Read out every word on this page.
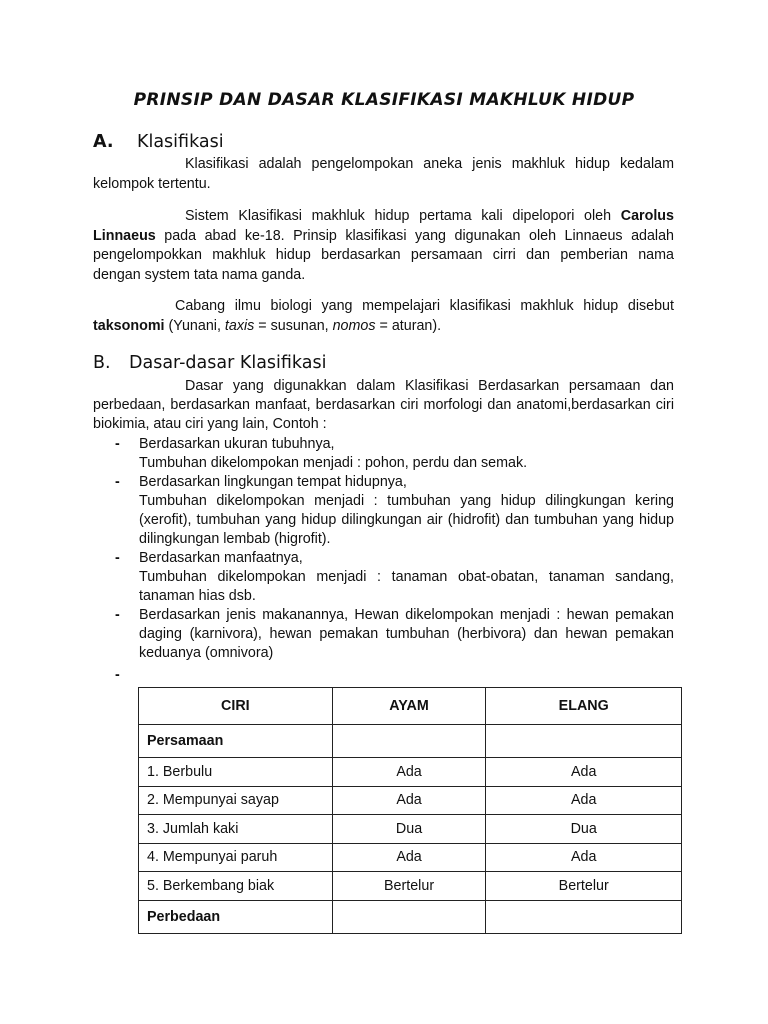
PRINSIP DAN DASAR KLASIFIKASI MAKHLUK HIDUP
A. Klasifikasi
Klasifikasi adalah pengelompokan aneka jenis makhluk hidup kedalam kelompok tertentu.
Sistem Klasifikasi makhluk hidup pertama kali dipelopori oleh Carolus Linnaeus pada abad ke-18. Prinsip klasifikasi yang digunakan oleh Linnaeus adalah pengelompokkan makhluk hidup berdasarkan persamaan cirri dan pemberian nama dengan system tata nama ganda.
Cabang ilmu biologi yang mempelajari klasifikasi makhluk hidup disebut taksonomi (Yunani, taxis = susunan, nomos = aturan).
B. Dasar-dasar Klasifikasi
Dasar yang digunakkan dalam Klasifikasi Berdasarkan persamaan dan perbedaan, berdasarkan manfaat, berdasarkan ciri morfologi dan anatomi,berdasarkan ciri biokimia, atau ciri yang lain, Contoh :
- Berdasarkan ukuran tubuhnya,
Tumbuhan dikelompokan menjadi : pohon, perdu dan semak.
- Berdasarkan lingkungan tempat hidupnya,
Tumbuhan dikelompokan menjadi : tumbuhan yang hidup dilingkungan kering (xerofit), tumbuhan yang hidup dilingkungan air (hidrofit) dan tumbuhan yang hidup dilingkungan lembab (higrofit).
- Berdasarkan manfaatnya,
Tumbuhan dikelompokan menjadi : tanaman obat-obatan, tanaman sandang, tanaman hias dsb.
- Berdasarkan jenis makanannya, Hewan dikelompokan menjadi : hewan pemakan daging (karnivora), hewan pemakan tumbuhan (herbivora) dan hewan pemakan keduanya (omnivora)
-
CIRI	AYAM	ELANG
Persamaan		
1. Berbulu	Ada	Ada
2. Mempunyai sayap	Ada	Ada
3. Jumlah kaki	Dua	Dua
4. Mempunyai paruh	Ada	Ada
5. Berkembang biak	Bertelur	Bertelur
Perbedaan		
